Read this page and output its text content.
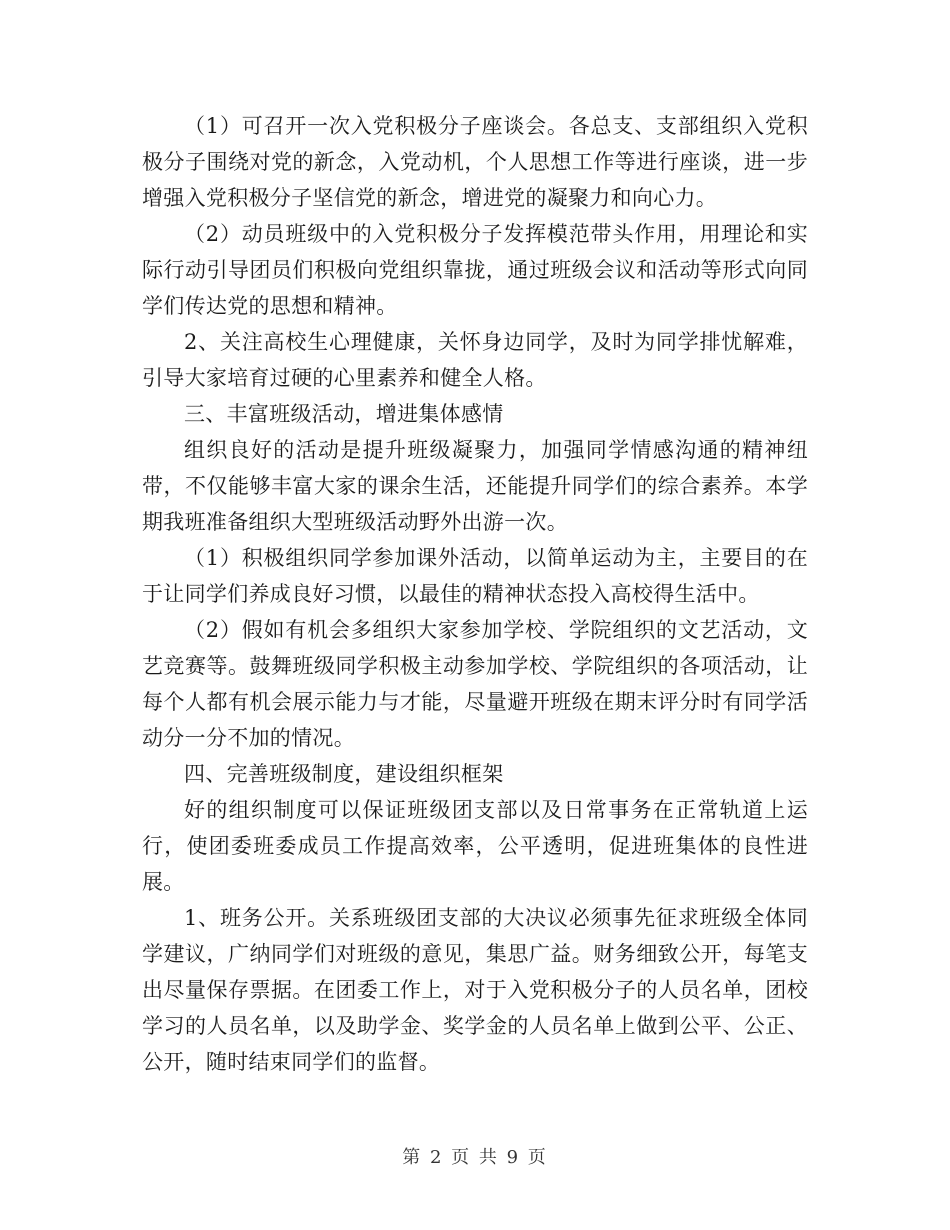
（1）可召开一次入党积极分子座谈会。各总支、支部组织入党积极分子围绕对党的新念，入党动机，个人思想工作等进行座谈，进一步增强入党积极分子坚信党的新念，增进党的凝聚力和向心力。

（2）动员班级中的入党积极分子发挥模范带头作用，用理论和实际行动引导团员们积极向党组织靠拢，通过班级会议和活动等形式向同学们传达党的思想和精神。

2、关注高校生心理健康，关怀身边同学，及时为同学排忧解难，引导大家培育过硬的心里素养和健全人格。

三、丰富班级活动，增进集体感情

组织良好的活动是提升班级凝聚力，加强同学情感沟通的精神纽带，不仅能够丰富大家的课余生活，还能提升同学们的综合素养。本学期我班准备组织大型班级活动野外出游一次。

（1）积极组织同学参加课外活动，以简单运动为主，主要目的在于让同学们养成良好习惯，以最佳的精神状态投入高校得生活中。

（2）假如有机会多组织大家参加学校、学院组织的文艺活动，文艺竞赛等。鼓舞班级同学积极主动参加学校、学院组织的各项活动，让每个人都有机会展示能力与才能，尽量避开班级在期末评分时有同学活动分一分不加的情况。

四、完善班级制度，建设组织框架

好的组织制度可以保证班级团支部以及日常事务在正常轨道上运行，使团委班委成员工作提高效率，公平透明，促进班集体的良性进展。

1、班务公开。关系班级团支部的大决议必须事先征求班级全体同学建议，广纳同学们对班级的意见，集思广益。财务细致公开，每笔支出尽量保存票据。在团委工作上，对于入党积极分子的人员名单，团校学习的人员名单，以及助学金、奖学金的人员名单上做到公平、公正、公开，随时结束同学们的监督。

第 2 页 共 9 页
